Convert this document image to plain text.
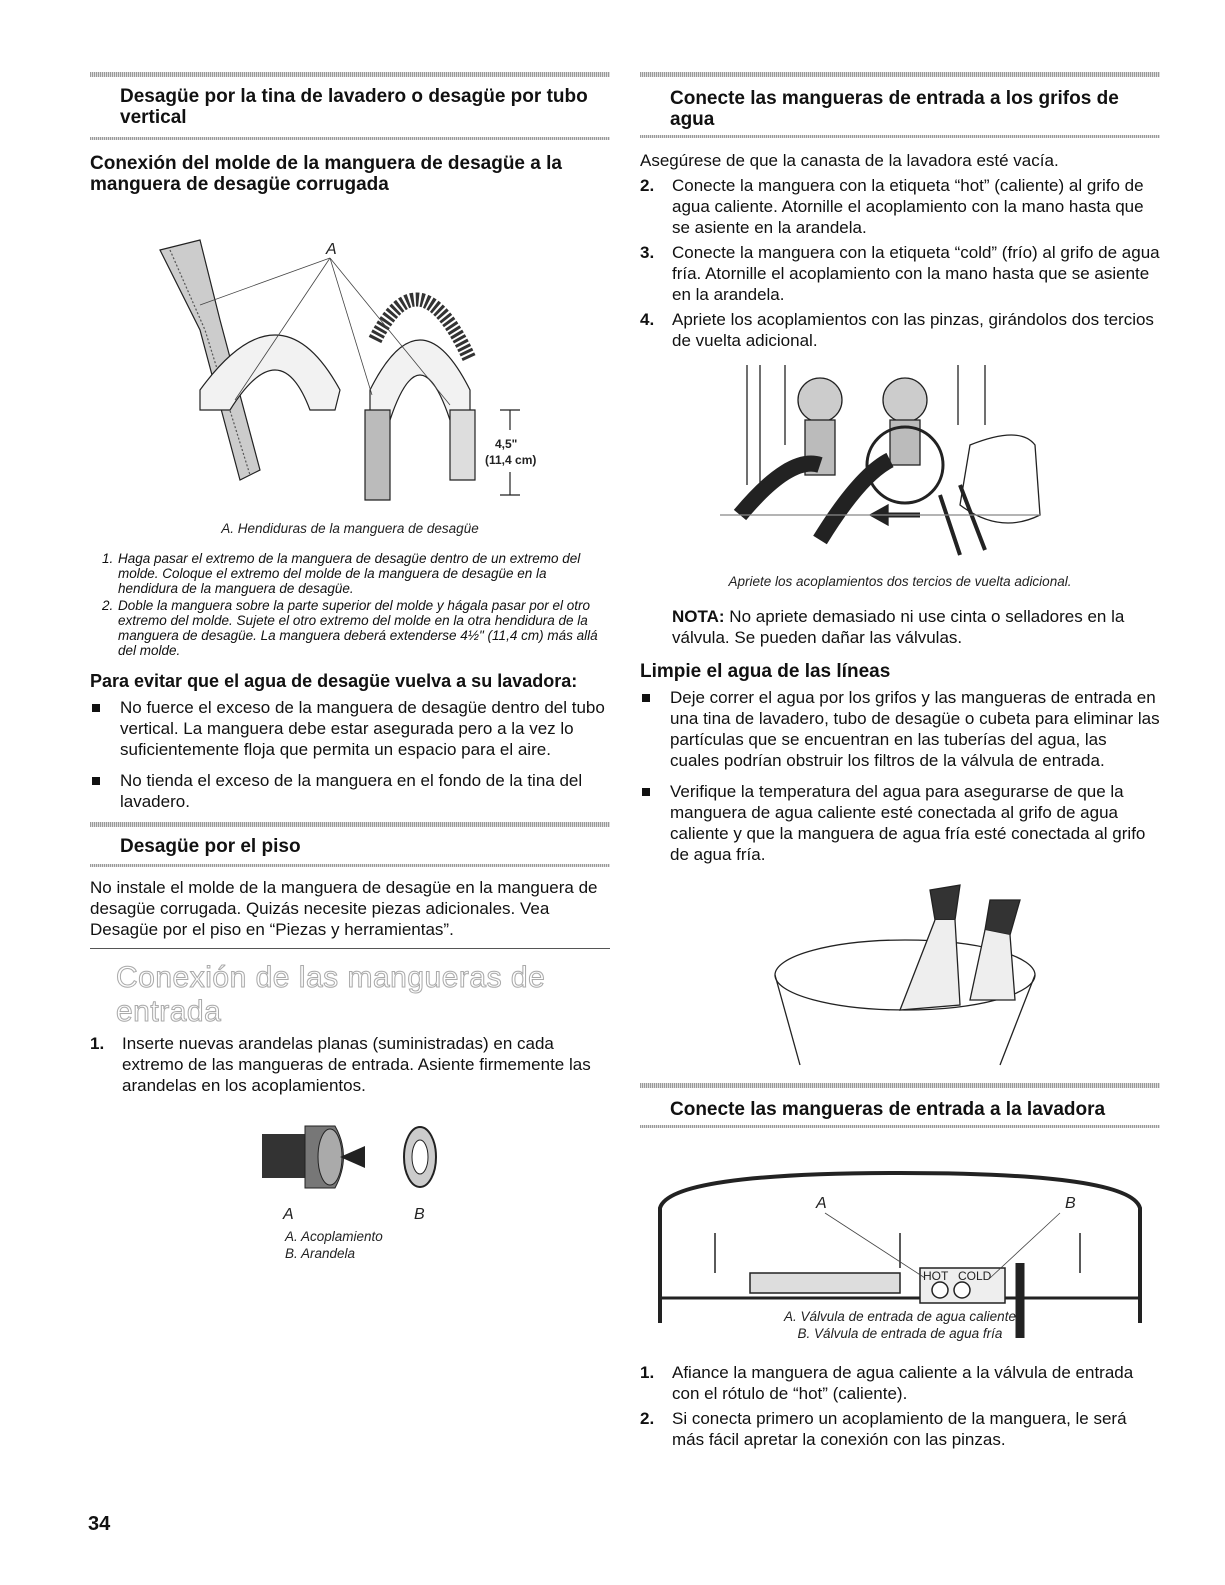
Desagüe por la tina de lavadero o desagüe por tubo vertical
Conexión del molde de la manguera de desagüe a la manguera de desagüe corrugada
A
4,5"
(11,4 cm)
A. Hendiduras de la manguera de desagüe
1. Haga pasar el extremo de la manguera de desagüe dentro de un extremo del molde. Coloque el extremo del molde de la manguera de desagüe en la hendidura de la manguera de desagüe.
2. Doble la manguera sobre la parte superior del molde y hágala pasar por el otro extremo del molde. Sujete el otro extremo del molde en la otra hendidura de la manguera de desagüe. La manguera deberá extenderse 4½" (11,4 cm) más allá del molde.
Para evitar que el agua de desagüe vuelva a su lavadora:
No fuerce el exceso de la manguera de desagüe dentro del tubo vertical. La manguera debe estar asegurada pero a la vez lo suficientemente floja que permita un espacio para el aire.
No tienda el exceso de la manguera en el fondo de la tina del lavadero.
Desagüe por el piso

No instale el molde de la manguera de desagüe en la manguera de desagüe corrugada. Quizás necesite piezas adicionales. Vea Desagüe por el piso en “Piezas y herramientas”.

Conexión de las mangueras de entrada
1. Inserte nuevas arandelas planas (suministradas) en cada extremo de las mangueras de entrada. Asiente firmemente las arandelas en los acoplamientos.
A	B
A. Acoplamiento
B. Arandela
Conecte las mangueras de entrada a los grifos de agua

Asegúrese de que la canasta de la lavadora esté vacía.

2. Conecte la manguera con la etiqueta “hot” (caliente) al grifo de agua caliente. Atornille el acoplamiento con la mano hasta que se asiente en la arandela.
3. Conecte la manguera con la etiqueta “cold” (frío) al grifo de agua fría. Atornille el acoplamiento con la mano hasta que se asiente en la arandela.
4. Apriete los acoplamientos con las pinzas, girándolos dos tercios de vuelta adicional.
Apriete los acoplamientos dos tercios de vuelta adicional.

NOTA: No apriete demasiado ni use cinta o selladores en la válvula. Se pueden dañar las válvulas.

Limpie el agua de las líneas
Deje correr el agua por los grifos y las mangueras de entrada en una tina de lavadero, tubo de desagüe o cubeta para eliminar las partículas que se encuentran en las tuberías del agua, las cuales podrían obstruir los filtros de la válvula de entrada.
Verifique la temperatura del agua para asegurarse de que la manguera de agua caliente esté conectada al grifo de agua caliente y que la manguera de agua fría esté conectada al grifo de agua fría.
Conecte las mangueras de entrada a la lavadora
A	B
HOT COLD
A. Válvula de entrada de agua caliente
B. Válvula de entrada de agua fría
1. Afiance la manguera de agua caliente a la válvula de entrada con el rótulo de “hot” (caliente).
2. Si conecta primero un acoplamiento de la manguera, le será más fácil apretar la conexión con las pinzas.
34
